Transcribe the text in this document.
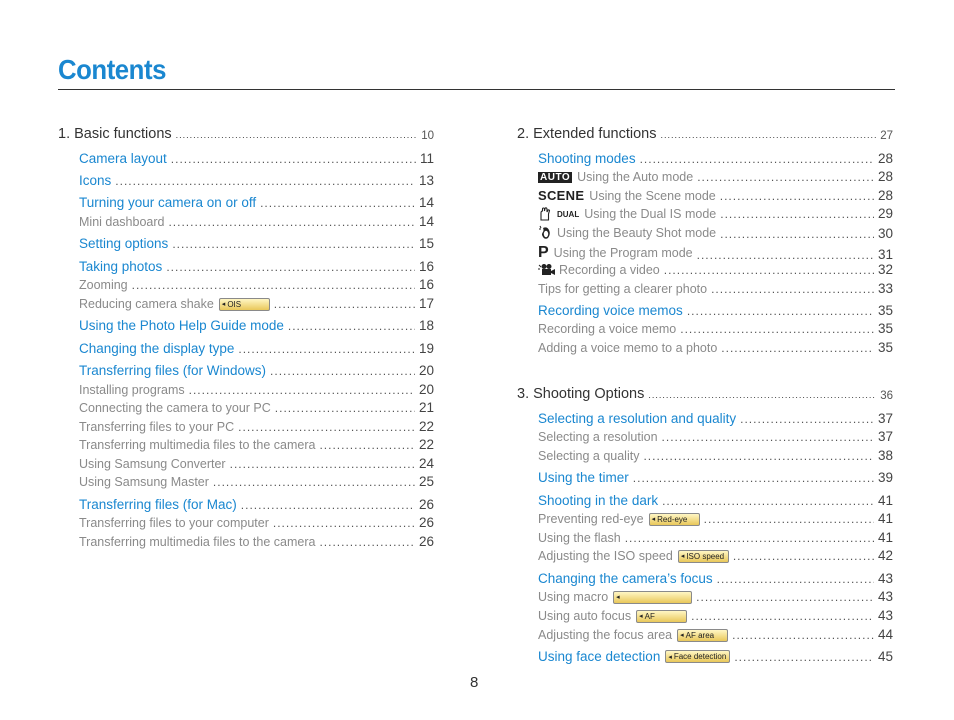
Contents
1. Basic functions .....	10
Camera layout .....	11
Icons .....	13
Turning your camera on or off .....	14
Mini dashboard .....	14
Setting options .....	15
Taking photos .....	16
Zooming .....	16
Reducing camera shake ◂ OIS .....	17
Using the Photo Help Guide mode .....	18
Changing the display type .....	19
Transferring files (for Windows) .....	20
Installing programs .....	20
Connecting the camera to your PC .....	21
Transferring files to your PC .....	22
Transferring multimedia files to the camera .....	22
Using Samsung Converter .....	24
Using Samsung Master .....	25
Transferring files (for Mac) .....	26
Transferring files to your computer .....	26
Transferring multimedia files to the camera .....	26
2. Extended functions .....	27
Shooting modes .....	28
AUTO Using the Auto mode .....	28
SCENE Using the Scene mode .....	28
DUAL Using the Dual IS mode .....	29
Using the Beauty Shot mode .....	30
P Using the Program mode .....	31
Recording a video .....	32
Tips for getting a clearer photo .....	33
Recording voice memos .....	35
Recording a voice memo .....	35
Adding a voice memo to a photo .....	35
3. Shooting Options .....	36
Selecting a resolution and quality .....	37
Selecting a resolution .....	37
Selecting a quality .....	38
Using the timer .....	39
Shooting in the dark .....	41
Preventing red-eye ◂ Red-eye .....	41
Using the flash .....	41
Adjusting the ISO speed ◂ ISO speed .....	42
Changing the camera’s focus .....	43
Using macro ◂ .....	43
Using auto focus ◂ AF .....	43
Adjusting the focus area ◂ AF area .....	44
Using face detection ◂ Face detection .....	45
8
